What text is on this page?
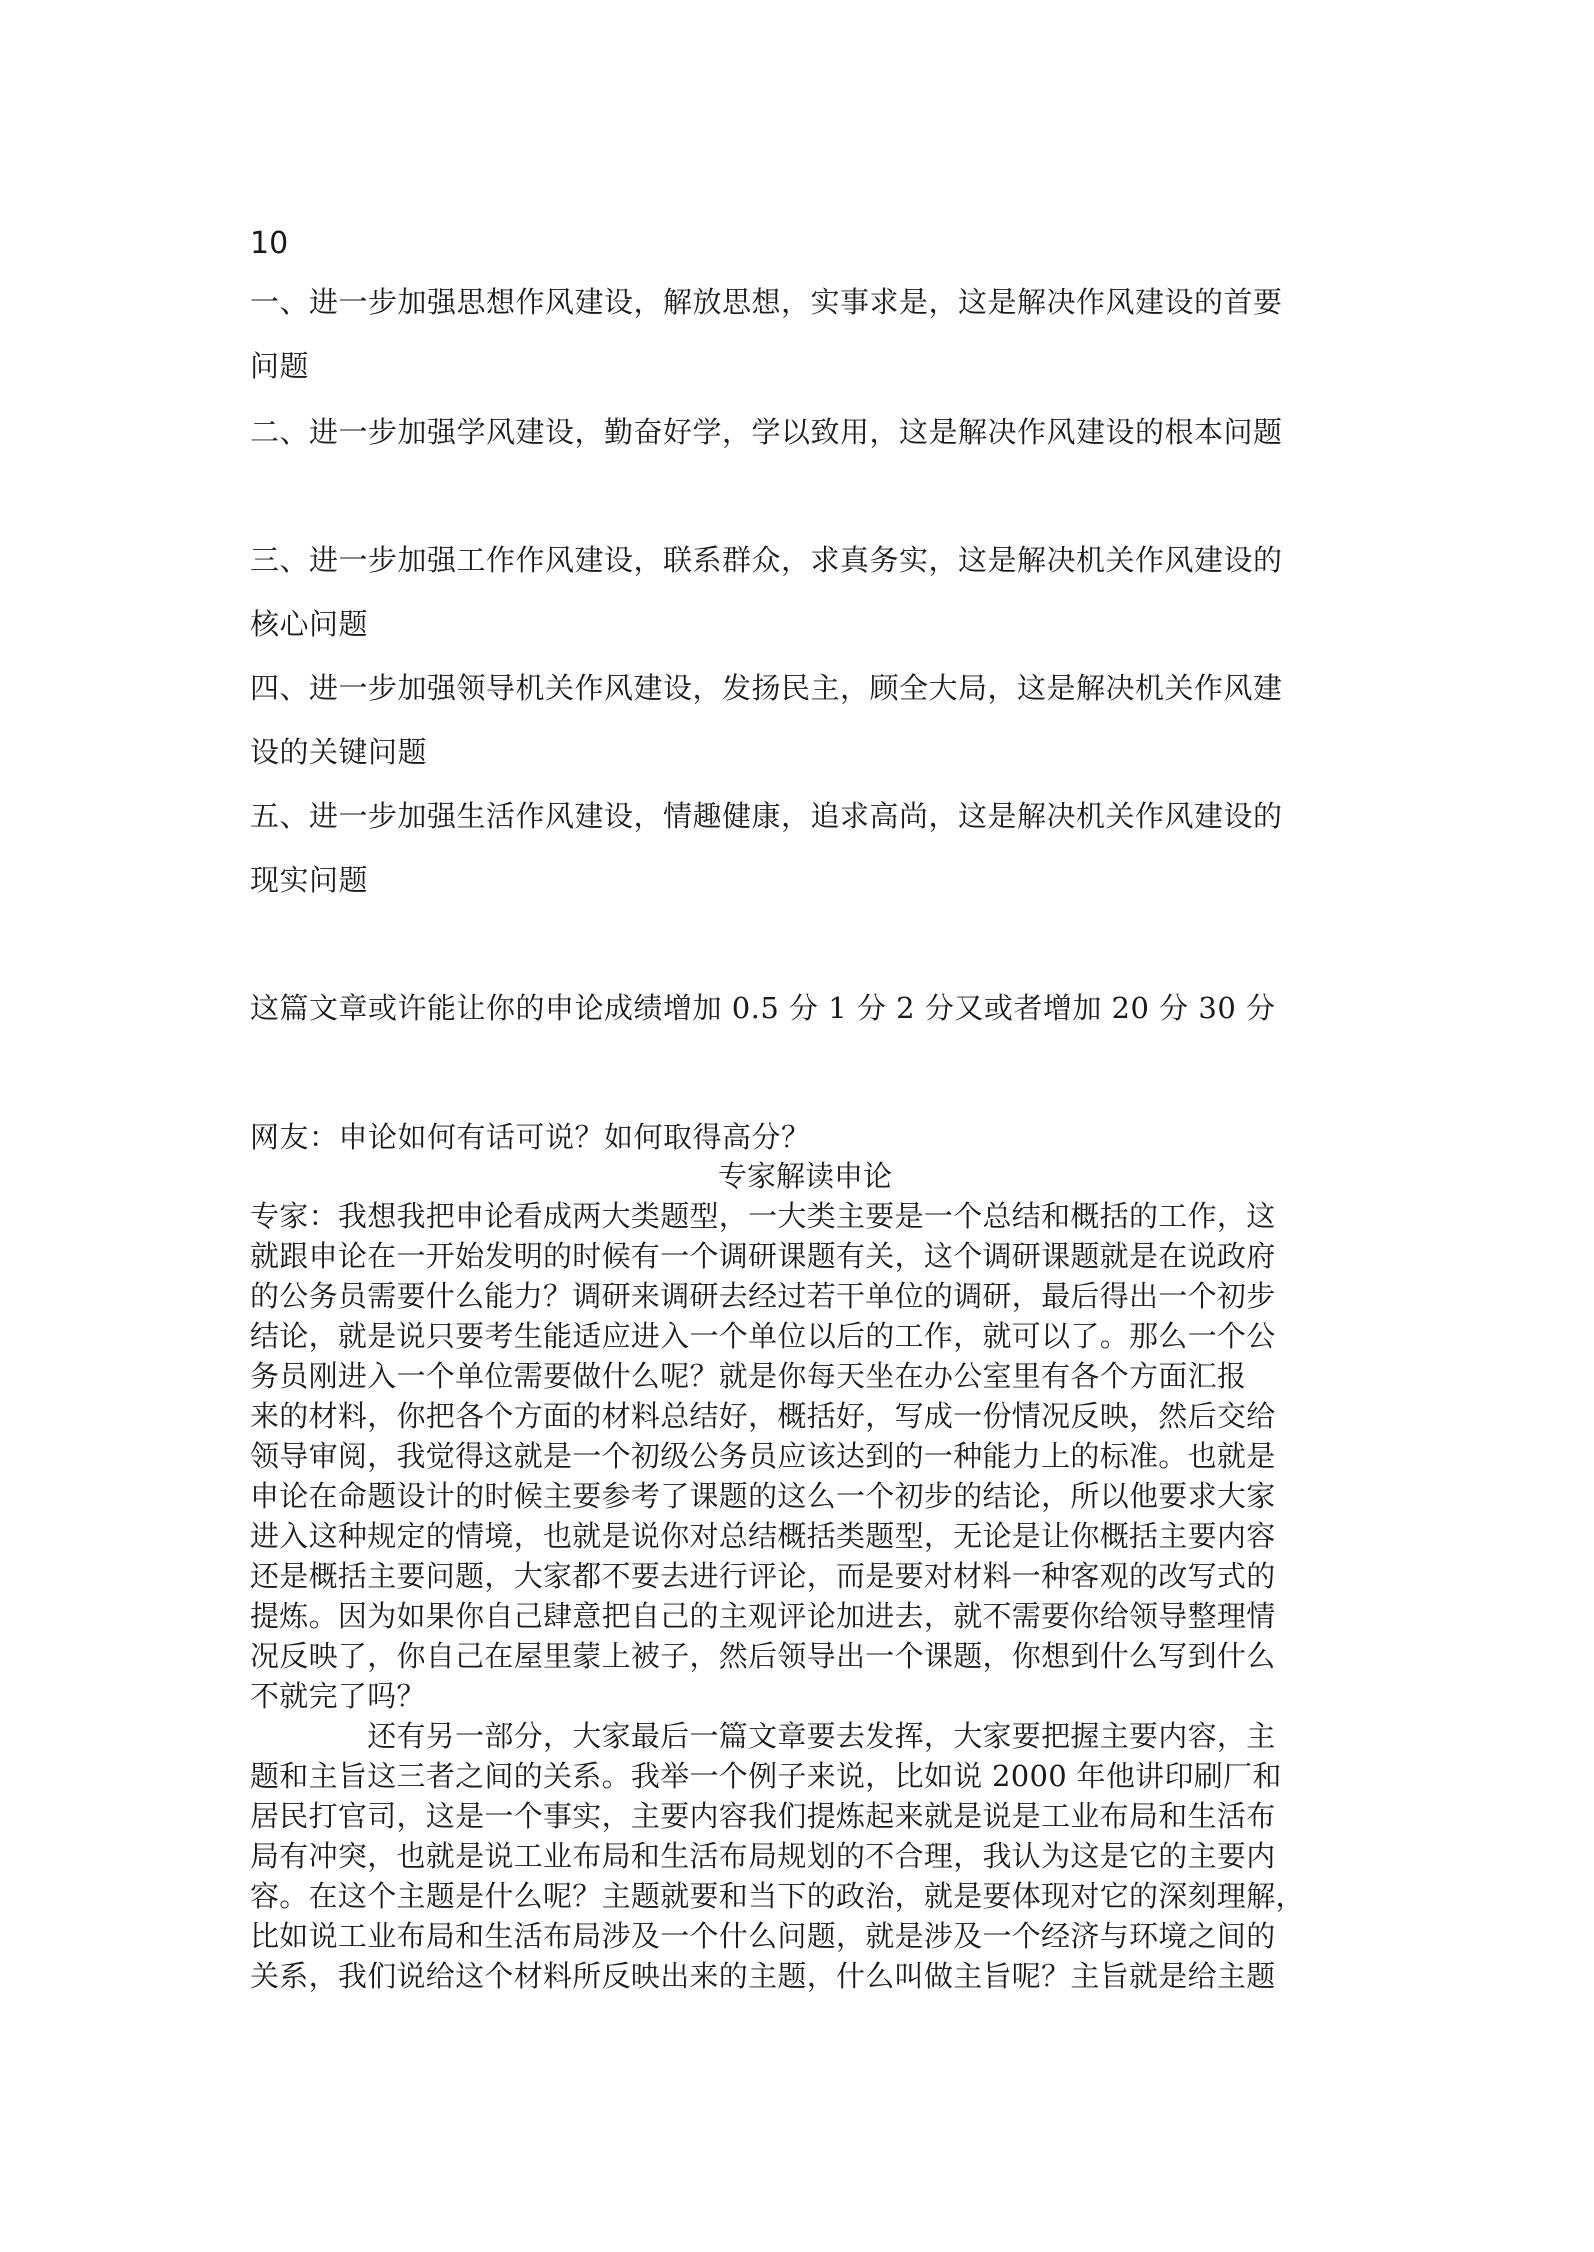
10
一、进一步加强思想作风建设，解放思想，实事求是，这是解决作风建设的首要
问题
二、进一步加强学风建设，勤奋好学，学以致用，这是解决作风建设的根本问题
三、进一步加强工作作风建设，联系群众，求真务实，这是解决机关作风建设的
核心问题
四、进一步加强领导机关作风建设，发扬民主，顾全大局，这是解决机关作风建
设的关键问题
五、进一步加强生活作风建设，情趣健康，追求高尚，这是解决机关作风建设的
现实问题
这篇文章或许能让你的申论成绩增加 0.5 分 1 分 2 分又或者增加 20 分 30 分
网友：申论如何有话可说？如何取得高分？
专家解读申论
专家：我想我把申论看成两大类题型，一大类主要是一个总结和概括的工作，这
就跟申论在一开始发明的时候有一个调研课题有关，这个调研课题就是在说政府
的公务员需要什么能力？调研来调研去经过若干单位的调研，最后得出一个初步
结论，就是说只要考生能适应进入一个单位以后的工作，就可以了。那么一个公
务员刚进入一个单位需要做什么呢？就是你每天坐在办公室里有各个方面汇报
来的材料，你把各个方面的材料总结好，概括好，写成一份情况反映，然后交给
领导审阅，我觉得这就是一个初级公务员应该达到的一种能力上的标准。也就是
申论在命题设计的时候主要参考了课题的这么一个初步的结论，所以他要求大家
进入这种规定的情境，也就是说你对总结概括类题型，无论是让你概括主要内容
还是概括主要问题，大家都不要去进行评论，而是要对材料一种客观的改写式的
提炼。因为如果你自己肆意把自己的主观评论加进去，就不需要你给领导整理情
况反映了，你自己在屋里蒙上被子，然后领导出一个课题，你想到什么写到什么
不就完了吗？
　　　　还有另一部分，大家最后一篇文章要去发挥，大家要把握主要内容，主
题和主旨这三者之间的关系。我举一个例子来说，比如说 2000 年他讲印刷厂和
居民打官司，这是一个事实，主要内容我们提炼起来就是说是工业布局和生活布
局有冲突，也就是说工业布局和生活布局规划的不合理，我认为这是它的主要内
容。在这个主题是什么呢？主题就要和当下的政治，就是要体现对它的深刻理解，
比如说工业布局和生活布局涉及一个什么问题，就是涉及一个经济与环境之间的
关系，我们说给这个材料所反映出来的主题，什么叫做主旨呢？主旨就是给主题
